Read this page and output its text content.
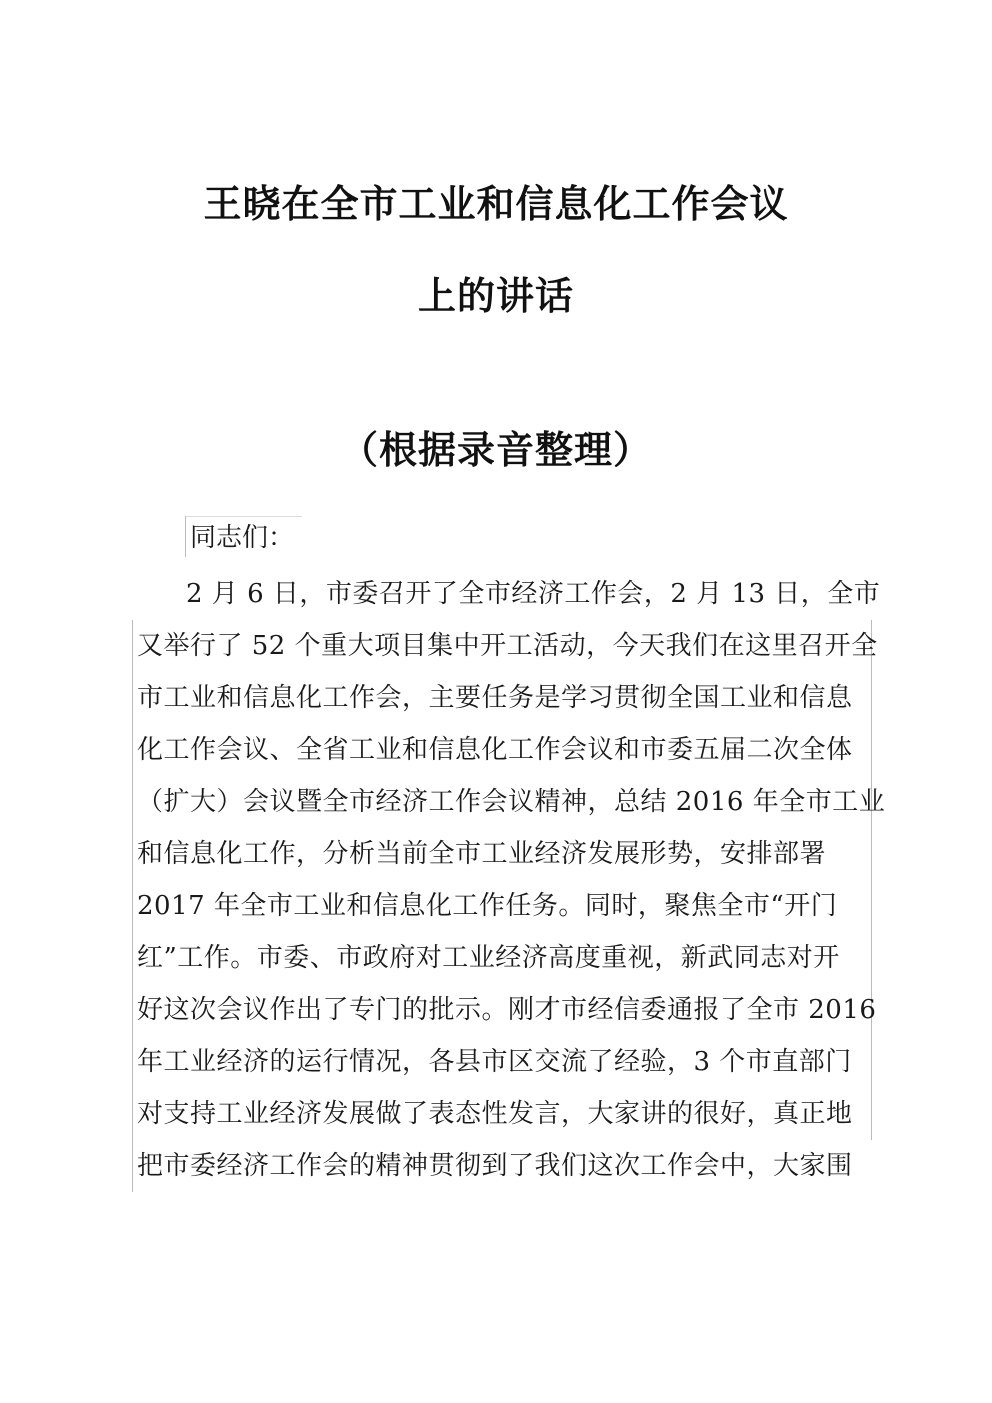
王晓在全市工业和信息化工作会议
上的讲话
（根据录音整理）
同志们：
2 月 6 日，市委召开了全市经济工作会，2 月 13 日，全市
又举行了 52 个重大项目集中开工活动，今天我们在这里召开全
市工业和信息化工作会，主要任务是学习贯彻全国工业和信息
化工作会议、全省工业和信息化工作会议和市委五届二次全体
（扩大）会议暨全市经济工作会议精神，总结 2016 年全市工业
和信息化工作，分析当前全市工业经济发展形势，安排部署
2017 年全市工业和信息化工作任务。同时，聚焦全市“开门
红”工作。市委、市政府对工业经济高度重视，新武同志对开
好这次会议作出了专门的批示。刚才市经信委通报了全市 2016
年工业经济的运行情况，各县市区交流了经验，3 个市直部门
对支持工业经济发展做了表态性发言，大家讲的很好，真正地
把市委经济工作会的精神贯彻到了我们这次工作会中，大家围
